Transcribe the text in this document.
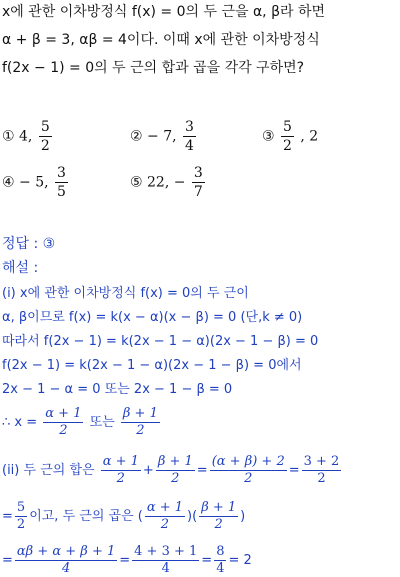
x에 관한 이차방정식 f(x) = 0의 두 근을 α, β라 하면
α + β = 3, αβ = 4이다. 이때 x에 관한 이차방정식
f(2x − 1) = 0의 두 근의 합과 곱을 각각 구하면?
① 4, $\frac{5}{2}$	② − 7, $\frac{3}{4}$	③ $\frac{5}{2}$ , 2
④ − 5, $\frac{3}{5}$	⑤ 22, − $\frac{3}{7}$
정답 : ③
해설 :
(i) x에 관한 이차방정식 f(x) = 0의 두 근이
α, β이므로 f(x) = k(x − α)(x − β) = 0 (단,k ≠ 0)
따라서 f(2x − 1) = k(2x − 1 − α)(2x − 1 − β) = 0
f(2x − 1) = k(2x − 1 − α)(2x − 1 − β) = 0에서
2x − 1 − α = 0 또는 2x − 1 − β = 0
∴ $x = \frac{\alpha + 1}{2}$ 또는 $\frac{\beta + 1}{2}$
(ii) 두 근의 합은 $\frac{\alpha + 1}{2} + \frac{\beta + 1}{2} = \frac{(\alpha + \beta) + 2}{2} = \frac{3 + 2}{2}$
= $\frac{5}{2}$ 이고, 두 근의 곱은 ( $\frac{\alpha + 1}{2}$ )( $\frac{\beta + 1}{2}$ )
= $\frac{\alpha\beta + \alpha + \beta + 1}{4} = \frac{4 + 3 + 1}{4} = \frac{8}{4} = 2$
